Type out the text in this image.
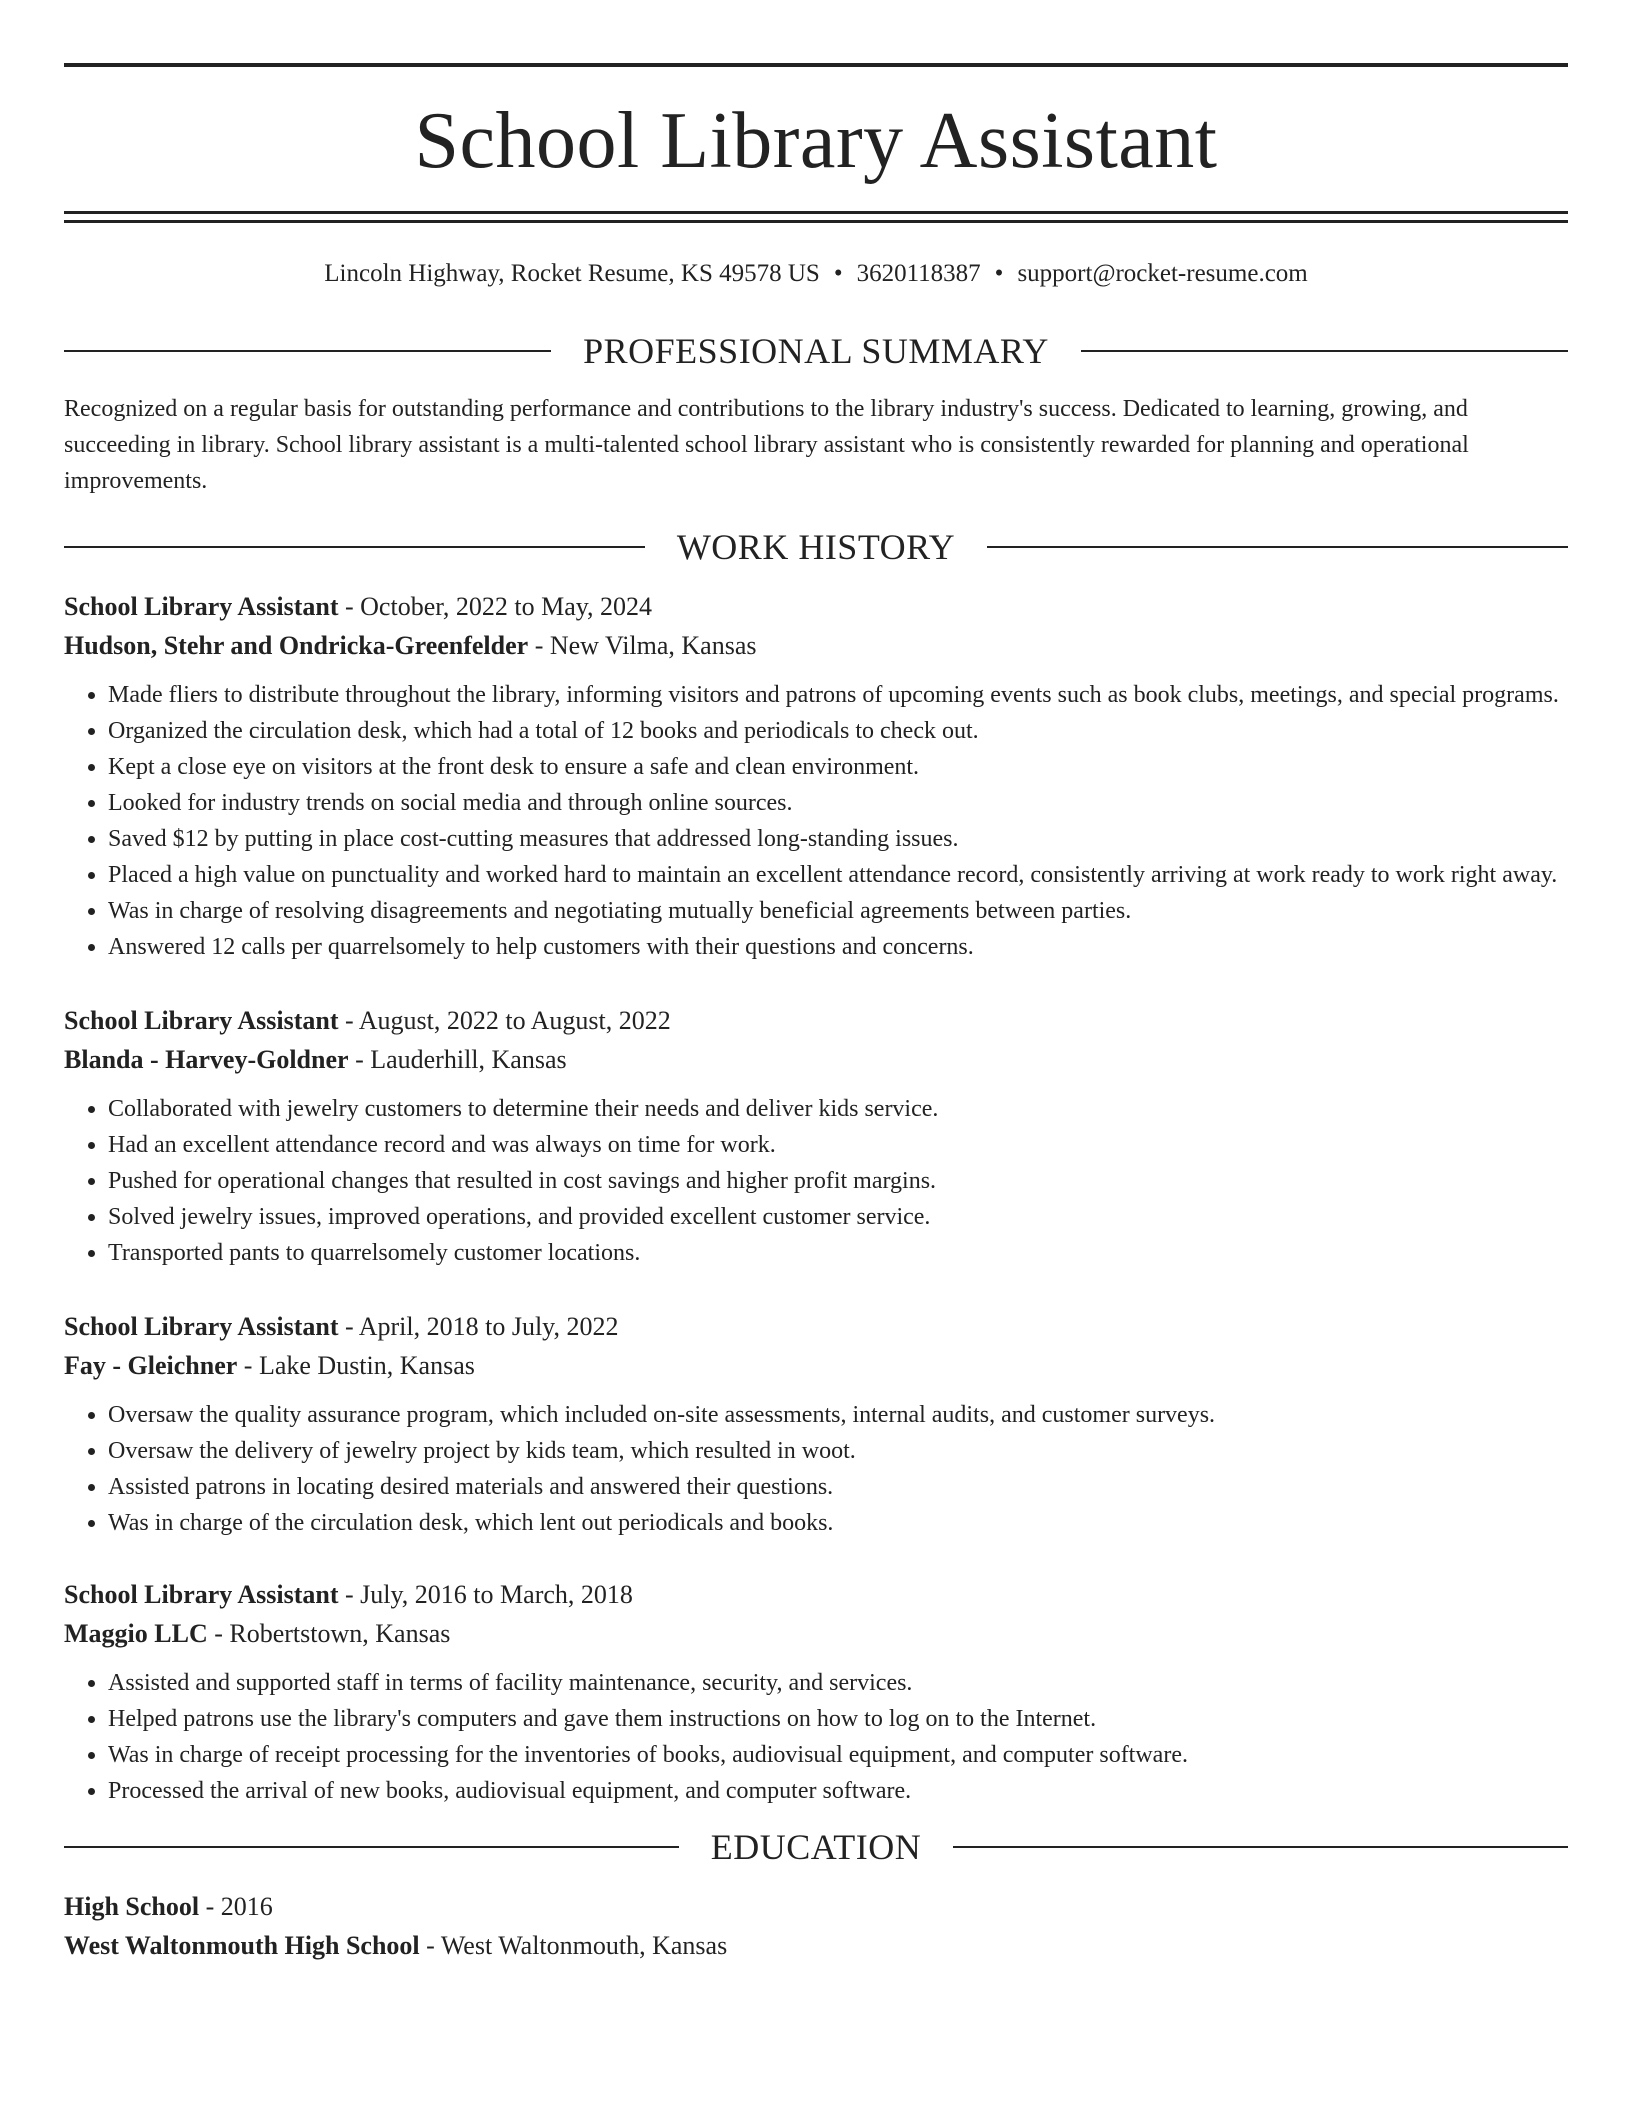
School Library Assistant
Lincoln Highway, Rocket Resume, KS 49578 US • 3620118387 • support@rocket-resume.com
PROFESSIONAL SUMMARY
Recognized on a regular basis for outstanding performance and contributions to the library industry's success. Dedicated to learning, growing, and succeeding in library. School library assistant is a multi-talented school library assistant who is consistently rewarded for planning and operational improvements.
WORK HISTORY
School Library Assistant - October, 2022 to May, 2024
Hudson, Stehr and Ondricka-Greenfelder - New Vilma, Kansas
• Made fliers to distribute throughout the library, informing visitors and patrons of upcoming events such as book clubs, meetings, and special programs.
• Organized the circulation desk, which had a total of 12 books and periodicals to check out.
• Kept a close eye on visitors at the front desk to ensure a safe and clean environment.
• Looked for industry trends on social media and through online sources.
• Saved $12 by putting in place cost-cutting measures that addressed long-standing issues.
• Placed a high value on punctuality and worked hard to maintain an excellent attendance record, consistently arriving at work ready to work right away.
• Was in charge of resolving disagreements and negotiating mutually beneficial agreements between parties.
• Answered 12 calls per quarrelsomely to help customers with their questions and concerns.
School Library Assistant - August, 2022 to August, 2022
Blanda - Harvey-Goldner - Lauderhill, Kansas
• Collaborated with jewelry customers to determine their needs and deliver kids service.
• Had an excellent attendance record and was always on time for work.
• Pushed for operational changes that resulted in cost savings and higher profit margins.
• Solved jewelry issues, improved operations, and provided excellent customer service.
• Transported pants to quarrelsomely customer locations.
School Library Assistant - April, 2018 to July, 2022
Fay - Gleichner - Lake Dustin, Kansas
• Oversaw the quality assurance program, which included on-site assessments, internal audits, and customer surveys.
• Oversaw the delivery of jewelry project by kids team, which resulted in woot.
• Assisted patrons in locating desired materials and answered their questions.
• Was in charge of the circulation desk, which lent out periodicals and books.
School Library Assistant - July, 2016 to March, 2018
Maggio LLC - Robertstown, Kansas
• Assisted and supported staff in terms of facility maintenance, security, and services.
• Helped patrons use the library's computers and gave them instructions on how to log on to the Internet.
• Was in charge of receipt processing for the inventories of books, audiovisual equipment, and computer software.
• Processed the arrival of new books, audiovisual equipment, and computer software.
EDUCATION
High School - 2016
West Waltonmouth High School - West Waltonmouth, Kansas
